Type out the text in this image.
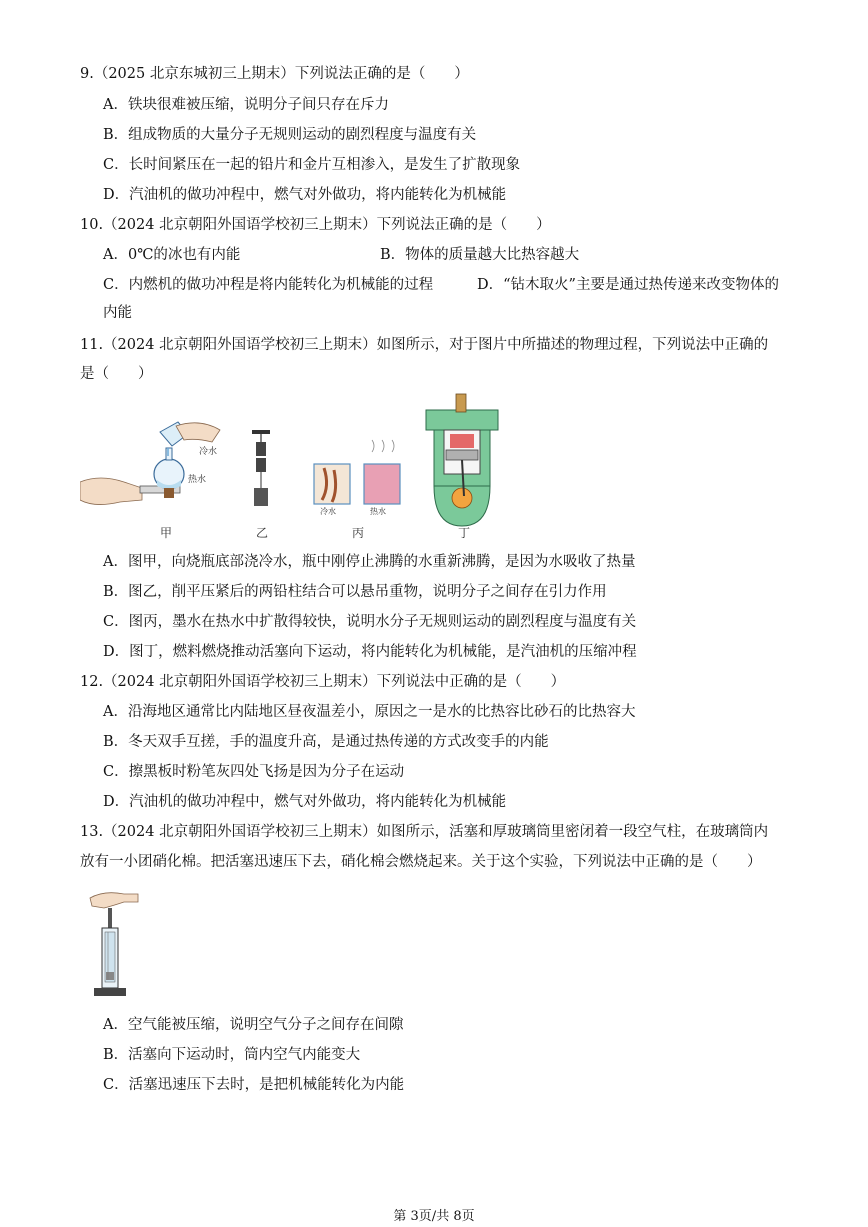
9.（2025 北京东城初三上期末）下列说法正确的是（　　）
A．铁块很难被压缩，说明分子间只存在斥力
B．组成物质的大量分子无规则运动的剧烈程度与温度有关
C．长时间紧压在一起的铅片和金片互相渗入，是发生了扩散现象
D．汽油机的做功冲程中，燃气对外做功，将内能转化为机械能
10.（2024 北京朝阳外国语学校初三上期末）下列说法正确的是（　　）
A．0℃的冰也有内能	B．物体的质量越大比热容越大
C．内燃机的做功冲程是将内能转化为机械能的过程	D．“钻木取火”主要是通过热传递来改变物体的
内能
11.（2024 北京朝阳外国语学校初三上期末）如图所示，对于图片中所描述的物理过程，下列说法中正确的
是（　　）
冷水
热水
冷水	热水
甲	乙	丙	丁
A．图甲，向烧瓶底部浇冷水，瓶中刚停止沸腾的水重新沸腾，是因为水吸收了热量
B．图乙，削平压紧后的两铅柱结合可以悬吊重物，说明分子之间存在引力作用
C．图丙，墨水在热水中扩散得较快，说明水分子无规则运动的剧烈程度与温度有关
D．图丁，燃料燃烧推动活塞向下运动，将内能转化为机械能，是汽油机的压缩冲程
12.（2024 北京朝阳外国语学校初三上期末）下列说法中正确的是（　　）
A．沿海地区通常比内陆地区昼夜温差小，原因之一是水的比热容比砂石的比热容大
B．冬天双手互搓，手的温度升高，是通过热传递的方式改变手的内能
C．擦黑板时粉笔灰四处飞扬是因为分子在运动
D．汽油机的做功冲程中，燃气对外做功，将内能转化为机械能
13.（2024 北京朝阳外国语学校初三上期末）如图所示，活塞和厚玻璃筒里密闭着一段空气柱，在玻璃筒内
放有一小团硝化棉。把活塞迅速压下去，硝化棉会燃烧起来。关于这个实验，下列说法中正确的是（　　）
A．空气能被压缩，说明空气分子之间存在间隙
B．活塞向下运动时，筒内空气内能变大
C．活塞迅速压下去时，是把机械能转化为内能
第 3页/共 8页
